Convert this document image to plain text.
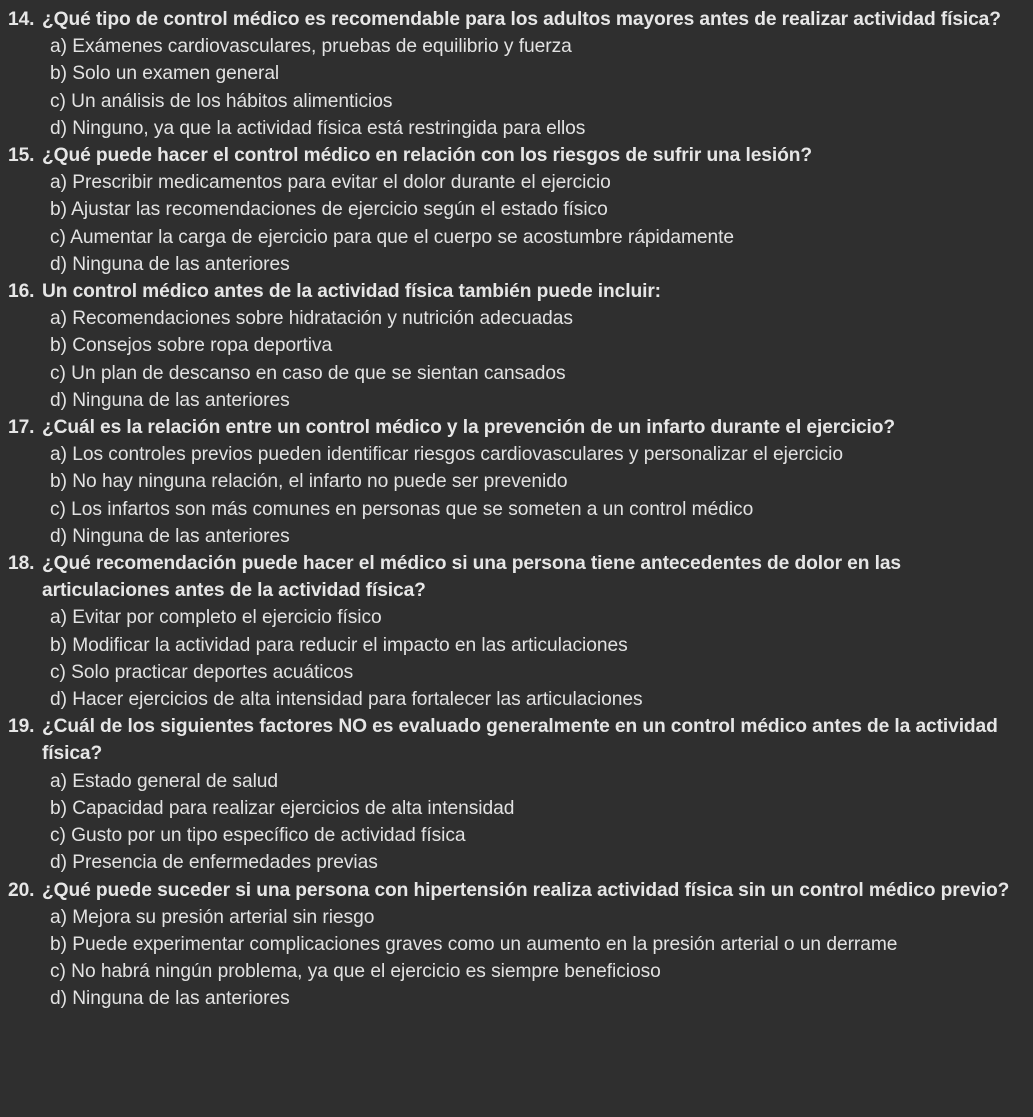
14. ¿Qué tipo de control médico es recomendable para los adultos mayores antes de realizar actividad física?
a) Exámenes cardiovasculares, pruebas de equilibrio y fuerza
b) Solo un examen general
c) Un análisis de los hábitos alimenticios
d) Ninguno, ya que la actividad física está restringida para ellos
15. ¿Qué puede hacer el control médico en relación con los riesgos de sufrir una lesión?
a) Prescribir medicamentos para evitar el dolor durante el ejercicio
b) Ajustar las recomendaciones de ejercicio según el estado físico
c) Aumentar la carga de ejercicio para que el cuerpo se acostumbre rápidamente
d) Ninguna de las anteriores
16. Un control médico antes de la actividad física también puede incluir:
a) Recomendaciones sobre hidratación y nutrición adecuadas
b) Consejos sobre ropa deportiva
c) Un plan de descanso en caso de que se sientan cansados
d) Ninguna de las anteriores
17. ¿Cuál es la relación entre un control médico y la prevención de un infarto durante el ejercicio?
a) Los controles previos pueden identificar riesgos cardiovasculares y personalizar el ejercicio
b) No hay ninguna relación, el infarto no puede ser prevenido
c) Los infartos son más comunes en personas que se someten a un control médico
d) Ninguna de las anteriores
18. ¿Qué recomendación puede hacer el médico si una persona tiene antecedentes de dolor en las articulaciones antes de la actividad física?
a) Evitar por completo el ejercicio físico
b) Modificar la actividad para reducir el impacto en las articulaciones
c) Solo practicar deportes acuáticos
d) Hacer ejercicios de alta intensidad para fortalecer las articulaciones
19. ¿Cuál de los siguientes factores NO es evaluado generalmente en un control médico antes de la actividad física?
a) Estado general de salud
b) Capacidad para realizar ejercicios de alta intensidad
c) Gusto por un tipo específico de actividad física
d) Presencia de enfermedades previas
20. ¿Qué puede suceder si una persona con hipertensión realiza actividad física sin un control médico previo?
a) Mejora su presión arterial sin riesgo
b) Puede experimentar complicaciones graves como un aumento en la presión arterial o un derrame
c) No habrá ningún problema, ya que el ejercicio es siempre beneficioso
d) Ninguna de las anteriores
